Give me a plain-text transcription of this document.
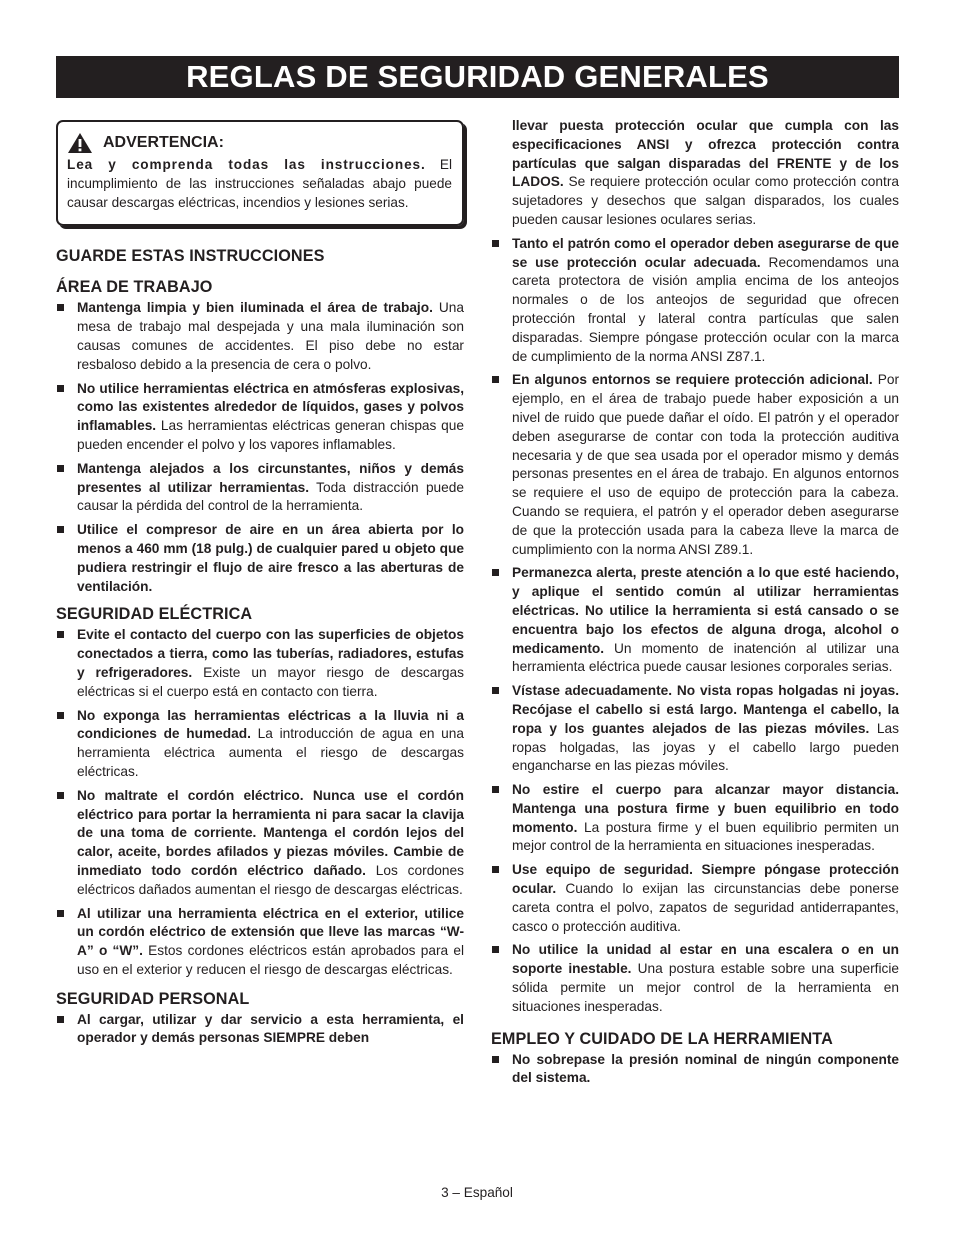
REGLAS DE SEGURIDAD GENERALES
ADVERTENCIA:
Lea y comprenda todas las instrucciones. El incumplimiento de las instrucciones señaladas abajo puede causar descargas eléctricas, incendios y lesiones serias.
GUARDE ESTAS INSTRUCCIONES
ÁREA DE TRABAJO
Mantenga limpia y bien iluminada el área de trabajo. Una mesa de trabajo mal despejada y una mala iluminación son causas comunes de accidentes. El piso debe no estar resbaloso debido a la presencia de cera o polvo.
No utilice herramientas eléctrica en atmósferas explosivas, como las existentes alrededor de líquidos, gases y polvos inflamables. Las herramientas eléctricas generan chispas que pueden encender el polvo y los vapores inflamables.
Mantenga alejados a los circunstantes, niños y demás presentes al utilizar herramientas. Toda distracción puede causar la pérdida del control de la herramienta.
Utilice el compresor de aire en un área abierta por lo menos a 460 mm (18 pulg.) de cualquier pared u objeto que pudiera restringir el flujo de aire fresco a las aberturas de ventilación.
SEGURIDAD ELÉCTRICA
Evite el contacto del cuerpo con las superficies de objetos conectados a tierra, como las tuberías, radiadores, estufas y refrigeradores. Existe un mayor riesgo de descargas eléctricas si el cuerpo está en contacto con tierra.
No exponga las herramientas eléctricas a la lluvia ni a condiciones de humedad. La introducción de agua en una herramienta eléctrica aumenta el riesgo de descargas eléctricas.
No maltrate el cordón eléctrico. Nunca use el cordón eléctrico para portar la herramienta ni para sacar la clavija de una toma de corriente. Mantenga el cordón lejos del calor, aceite, bordes afilados y piezas móviles. Cambie de inmediato todo cordón eléctrico dañado. Los cordones eléctricos dañados aumentan el riesgo de descargas eléctricas.
Al utilizar una herramienta eléctrica en el exterior, utilice un cordón eléctrico de extensión que lleve las marcas “W-A” o “W”. Estos cordones eléctricos están aprobados para el uso en el exterior y reducen el riesgo de descargas eléctricas.
SEGURIDAD PERSONAL
Al cargar, utilizar y dar servicio a esta herramienta, el operador y demás personas SIEMPRE deben
llevar puesta protección ocular que cumpla con las especificaciones ANSI y ofrezca protección contra partículas que salgan disparadas del FRENTE y de los LADOS. Se requiere protección ocular como protección contra sujetadores y desechos que salgan disparados, los cuales pueden causar lesiones oculares serias.
Tanto el patrón como el operador deben asegurarse de que se use protección ocular adecuada. Recomendamos una careta protectora de visión amplia encima de los anteojos normales o de los anteojos de seguridad que ofrecen protección frontal y lateral contra partículas que salen disparadas. Siempre póngase protección ocular con la marca de cumplimiento de la norma ANSI Z87.1.
En algunos entornos se requiere protección adicional. Por ejemplo, en el área de trabajo puede haber exposición a un nivel de ruido que puede dañar el oído. El patrón y el operador deben asegurarse de contar con toda la protección auditiva necesaria y de que sea usada por el operador mismo y demás personas presentes en el área de trabajo. En algunos entornos se requiere el uso de equipo de protección para la cabeza. Cuando se requiera, el patrón y el operador deben asegurarse de que la protección usada para la cabeza lleve la marca de cumplimiento con la norma ANSI Z89.1.
Permanezca alerta, preste atención a lo que esté haciendo, y aplique el sentido común al utilizar herramientas eléctricas. No utilice la herramienta si está cansado o se encuentra bajo los efectos de alguna droga, alcohol o medicamento. Un momento de inatención al utilizar una herramienta eléctrica puede causar lesiones corporales serias.
Vístase adecuadamente. No vista ropas holgadas ni joyas. Recójase el cabello si está largo. Mantenga el cabello, la ropa y los guantes alejados de las piezas móviles. Las ropas holgadas, las joyas y el cabello largo pueden engancharse en las piezas móviles.
No estire el cuerpo para alcanzar mayor distancia. Mantenga una postura firme y buen equilibrio en todo momento. La postura firme y el buen equilibrio permiten un mejor control de la herramienta en situaciones inesperadas.
Use equipo de seguridad. Siempre póngase protección ocular. Cuando lo exijan las circunstancias debe ponerse careta contra el polvo, zapatos de seguridad antiderrapantes, casco o protección auditiva.
No utilice la unidad al estar en una escalera o en un soporte inestable. Una postura estable sobre una superficie sólida permite un mejor control de la herramienta en situaciones inesperadas.
EMPLEO Y CUIDADO DE LA HERRAMIENTA
No sobrepase la presión nominal de ningún componente del sistema.
3 – Español
